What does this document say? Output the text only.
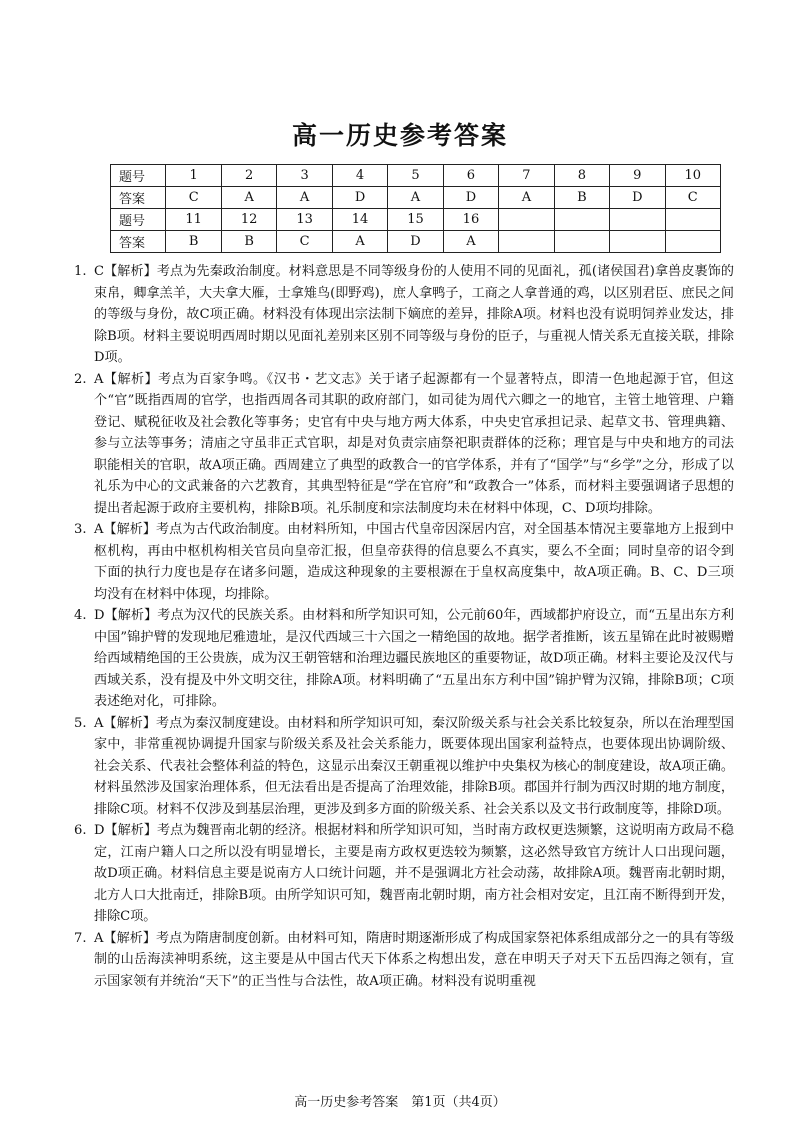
高一历史参考答案
题号	1	2	3	4	5	6	7	8	9	10
答案	C	A	A	D	A	D	A	B	D	C
题号	11	12	13	14	15	16				
答案	B	B	C	A	D	A				
1. C【解析】考点为先秦政治制度。材料意思是不同等级身份的人使用不同的见面礼，孤(诸侯国君)拿兽皮裹饰的束帛，卿拿羔羊，大夫拿大雁，士拿雉鸟(即野鸡)，庶人拿鸭子，工商之人拿普通的鸡，以区别君臣、庶民之间的等级与身份，故C项正确。材料没有体现出宗法制下嫡庶的差异，排除A项。材料也没有说明饲养业发达，排除B项。材料主要说明西周时期以见面礼差别来区别不同等级与身份的臣子，与重视人情关系无直接关联，排除D项。
2. A【解析】考点为百家争鸣。《汉书・艺文志》关于诸子起源都有一个显著特点，即清一色地起源于官，但这个“官”既指西周的官学，也指西周各司其职的政府部门，如司徒为周代六卿之一的地官，主管土地管理、户籍登记、赋税征收及社会教化等事务；史官有中央与地方两大体系，中央史官承担记录、起草文书、管理典籍、参与立法等事务；清庙之守虽非正式官职，却是对负责宗庙祭祀职责群体的泛称；理官是与中央和地方的司法职能相关的官职，故A项正确。西周建立了典型的政教合一的官学体系，并有了“国学”与“乡学”之分，形成了以礼乐为中心的文武兼备的六艺教育，其典型特征是“学在官府”和“政教合一”体系，而材料主要强调诸子思想的提出者起源于政府主要机构，排除B项。礼乐制度和宗法制度均未在材料中体现，C、D项均排除。
3. A【解析】考点为古代政治制度。由材料所知，中国古代皇帝因深居内宫，对全国基本情况主要靠地方上报到中枢机构，再由中枢机构相关官员向皇帝汇报，但皇帝获得的信息要么不真实，要么不全面；同时皇帝的诏令到下面的执行力度也是存在诸多问题，造成这种现象的主要根源在于皇权高度集中，故A项正确。B、C、D三项均没有在材料中体现，均排除。
4. D【解析】考点为汉代的民族关系。由材料和所学知识可知，公元前60年，西域都护府设立，而“五星出东方利中国”锦护臂的发现地尼雅遗址，是汉代西域三十六国之一精绝国的故地。据学者推断，该五星锦在此时被赐赠给西域精绝国的王公贵族，成为汉王朝管辖和治理边疆民族地区的重要物证，故D项正确。材料主要论及汉代与西域关系，没有提及中外文明交往，排除A项。材料明确了“五星出东方利中国”锦护臂为汉锦，排除B项；C项表述绝对化，可排除。
5. A【解析】考点为秦汉制度建设。由材料和所学知识可知，秦汉阶级关系与社会关系比较复杂，所以在治理型国家中，非常重视协调提升国家与阶级关系及社会关系能力，既要体现出国家利益特点，也要体现出协调阶级、社会关系、代表社会整体利益的特色，这显示出秦汉王朝重视以维护中央集权为核心的制度建设，故A项正确。材料虽然涉及国家治理体系，但无法看出是否提高了治理效能，排除B项。郡国并行制为西汉时期的地方制度，排除C项。材料不仅涉及到基层治理，更涉及到多方面的阶级关系、社会关系以及文书行政制度等，排除D项。
6. D【解析】考点为魏晋南北朝的经济。根据材料和所学知识可知，当时南方政权更迭频繁，这说明南方政局不稳定，江南户籍人口之所以没有明显增长，主要是南方政权更迭较为频繁，这必然导致官方统计人口出现问题，故D项正确。材料信息主要是说南方人口统计问题，并不是强调北方社会动荡，故排除A项。魏晋南北朝时期，北方人口大批南迁，排除B项。由所学知识可知，魏晋南北朝时期，南方社会相对安定，且江南不断得到开发，排除C项。
7. A【解析】考点为隋唐制度创新。由材料可知，隋唐时期逐渐形成了构成国家祭祀体系组成部分之一的具有等级制的山岳海渎神明系统，这主要是从中国古代天下体系之构想出发，意在申明天子对天下五岳四海之领有，宣示国家领有并统治“天下”的正当性与合法性，故A项正确。材料没有说明重视
高一历史参考答案　第1页（共4页）
